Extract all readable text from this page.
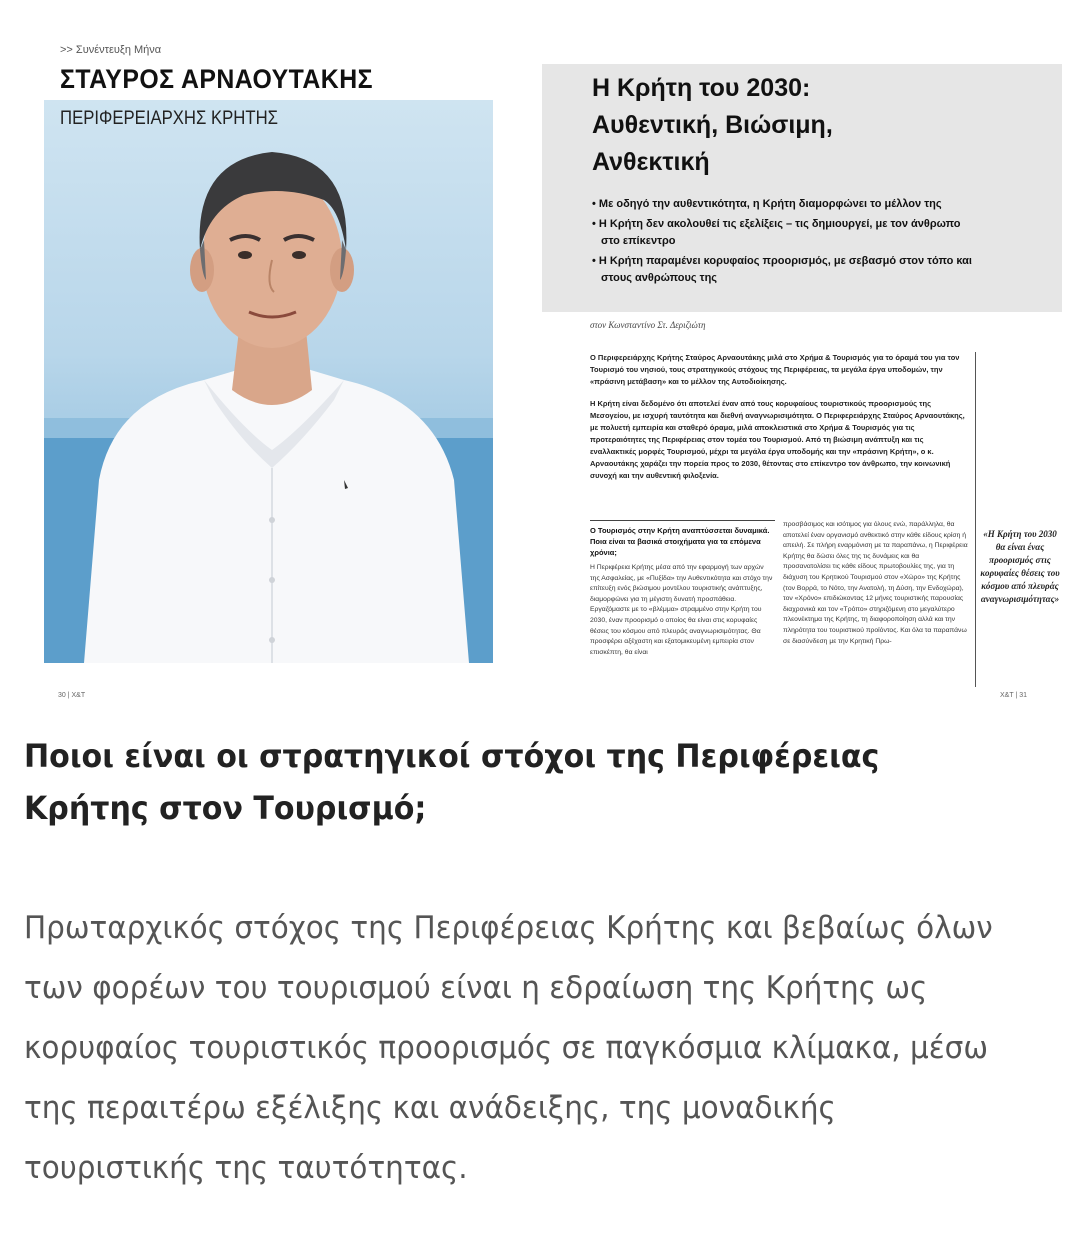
>> Συνέντευξη Μήνα
ΣΤΑΥΡΟΣ ΑΡΝΑΟΥΤΑΚΗΣ
ΠΕΡΙΦΕΡΕΙΑΡΧΗΣ ΚΡΗΤΗΣ
Η Κρήτη του 2030:
Αυθεντική, Βιώσιμη,
Ανθεκτική
• Με οδηγό την αυθεντικότητα, η Κρήτη διαμορφώνει το μέλλον της
• Η Κρήτη δεν ακολουθεί τις εξελίξεις – τις δημιουργεί, με τον άνθρωπο στο επίκεντρο
• Η Κρήτη παραμένει κορυφαίος προορισμός, με σεβασμό στον τόπο και στους ανθρώπους της
στον Κωνσταντίνο Στ. Δεριζιώτη

Ο Περιφερειάρχης Κρήτης Σταύρος Αρναουτάκης μιλά στο Χρήμα & Τουρισμός για το όραμά του για τον Τουρισμό του νησιού, τους στρατηγικούς στόχους της Περιφέρειας, τα μεγάλα έργα υποδομών, την «πράσινη μετάβαση» και το μέλλον της Αυτοδιοίκησης.

Η Κρήτη είναι δεδομένο ότι αποτελεί έναν από τους κορυφαίους τουριστικούς προορισμούς της Μεσογείου, με ισχυρή ταυτότητα και διεθνή αναγνωρισιμότητα. Ο Περιφερειάρχης Σταύρος Αρναουτάκης, με πολυετή εμπειρία και σταθερό όραμα, μιλά αποκλειστικά στο Χρήμα & Τουρισμός για τις προτεραιότητες της Περιφέρειας στον τομέα του Τουρισμού. Από τη βιώσιμη ανάπτυξη και τις εναλλακτικές μορφές Τουρισμού, μέχρι τα μεγάλα έργα υποδομής και την «πράσινη Κρήτη», ο κ. Αρναουτάκης χαράζει την πορεία προς το 2030, θέτοντας στο επίκεντρο τον άνθρωπο, την κοινωνική συνοχή και την αυθεντική φιλοξενία.

Ο Τουρισμός στην Κρήτη αναπτύσσεται δυναμικά. Ποια είναι τα βασικά στοιχήματα για τα επόμενα χρόνια;
Η Περιφέρεια Κρήτης μέσα από την εφαρμογή των αρχών της Ασφαλείας, με «Πυξίδα» την Αυθεντικότητα και στόχο την επίτευξη ενός βιώσιμου μοντέλου τουριστικής ανάπτυξης, διαμορφώνει για τη μέγιστη δυνατή προσπάθεια. Εργαζόμαστε με το «βλέμμα» στραμμένο στην Κρήτη του 2030, έναν προορισμό ο οποίος θα είναι στις κορυφαίες θέσεις του κόσμου από πλευράς αναγνωρισιμότητας. Θα προσφέρει αξέχαστη και εξατομικευμένη εμπειρία στον επισκέπτη, θα είναι
προσβάσιμος και ισότιμος για όλους ενώ, παράλληλα, θα αποτελεί έναν οργανισμό ανθεκτικό στην κάθε είδους κρίση ή απειλή. Σε πλήρη εναρμόνιση με τα παραπάνω, η Περιφέρεια Κρήτης θα δώσει όλες της τις δυνάμεις και θα προσανατολίσει τις κάθε είδους πρωτοβουλίες της, για τη διάχυση του Κρητικού Τουρισμού στον «Χώρο» της Κρήτης (τον Βορρά, το Νότο, την Ανατολή, τη Δύση, την Ενδοχώρα), τον «Χρόνο» επιδιώκοντας 12 μήνες τουριστικής παρουσίας διαχρονικά και τον «Τρόπο» στηριζόμενη στο μεγαλύτερο πλεονέκτημα της Κρήτης, τη διαφοροποίηση αλλά και την πληρότητα του τουριστικού προϊόντος. Και όλα τα παραπάνω σε διασύνδεση με την Κρητική Πρω-
«Η Κρήτη του 2030 θα είναι ένας προορισμός στις κορυφαίες θέσεις του κόσμου από πλευράς αναγνωρισιμότητας»
30 | Χ&Τ	Χ&Τ | 31
Ποιοι είναι οι στρατηγικοί στόχοι της Περιφέρειας Κρήτης στον Τουρισμό;
Πρωταρχικός στόχος της Περιφέρειας Κρήτης και βεβαίως όλων των φορέων του τουρισμού είναι η εδραίωση της Κρήτης ως κορυφαίος τουριστικός προορισμός σε παγκόσμια κλίμακα, μέσω της περαιτέρω εξέλιξης και ανάδειξης, της μοναδικής τουριστικής της ταυτότητας.
